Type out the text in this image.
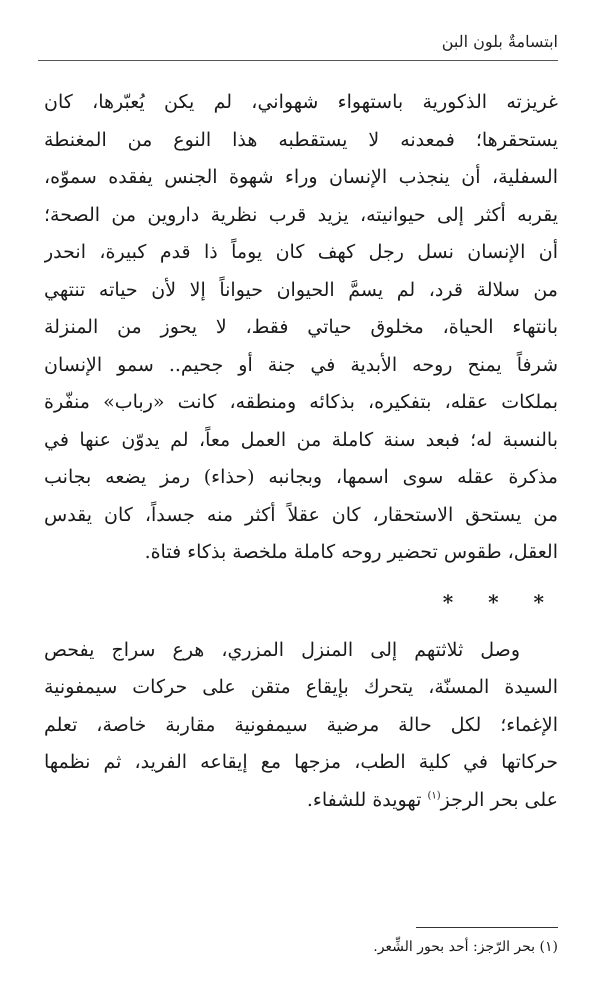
ابتسامةٌ بلون البن
غريزته الذكورية باستهواء شهواني، لم يكن يُعبّرها، كان
يستحقرها؛ فمعدنه لا يستقطبه هذا النوع من المغنطة
السفلية، أن ينجذب الإنسان وراء شهوة الجنس يفقده سموّه،
يقربه أكثر إلى حيوانيته، يزيد قرب نظرية داروين من الصحة؛
أن الإنسان نسل رجل كهف كان يوماً ذا قدم كبيرة، انحدر
من سلالة قرد، لم يسمَّ الحيوان حيواناً إلا لأن حياته تنتهي
بانتهاء الحياة، مخلوق حياتي فقط، لا يحوز من المنزلة
شرفاً يمنح روحه الأبدية في جنة أو جحيم.. سمو الإنسان
بملكات عقله، بتفكيره، بذكائه ومنطقه، كانت «رباب» منفّرة
بالنسبة له؛ فبعد سنة كاملة من العمل معاً، لم يدوّن عنها في
مذكرة عقله سوى اسمها، وبجانبه (حذاء) رمز يضعه بجانب
من يستحق الاستحقار، كان عقلاً أكثر منه جسداً، كان يقدس
العقل، طقوس تحضير روحه كاملة ملخصة بذكاء فتاة.
* * *
وصل ثلاثتهم إلى المنزل المزري، هرع سراج يفحص
السيدة المسنّة، يتحرك بإيقاع متقن على حركات سيمفونية
الإغماء؛ لكل حالة مرضية سيمفونية مقاربة خاصة، تعلم
حركاتها في كلية الطب، مزجها مع إيقاعه الفريد، ثم نظمها
على بحر الرجز$^{(١)}$ تهويدة للشفاء.
(١) بحر الرّجز: أحد بحور الشِّعر.
